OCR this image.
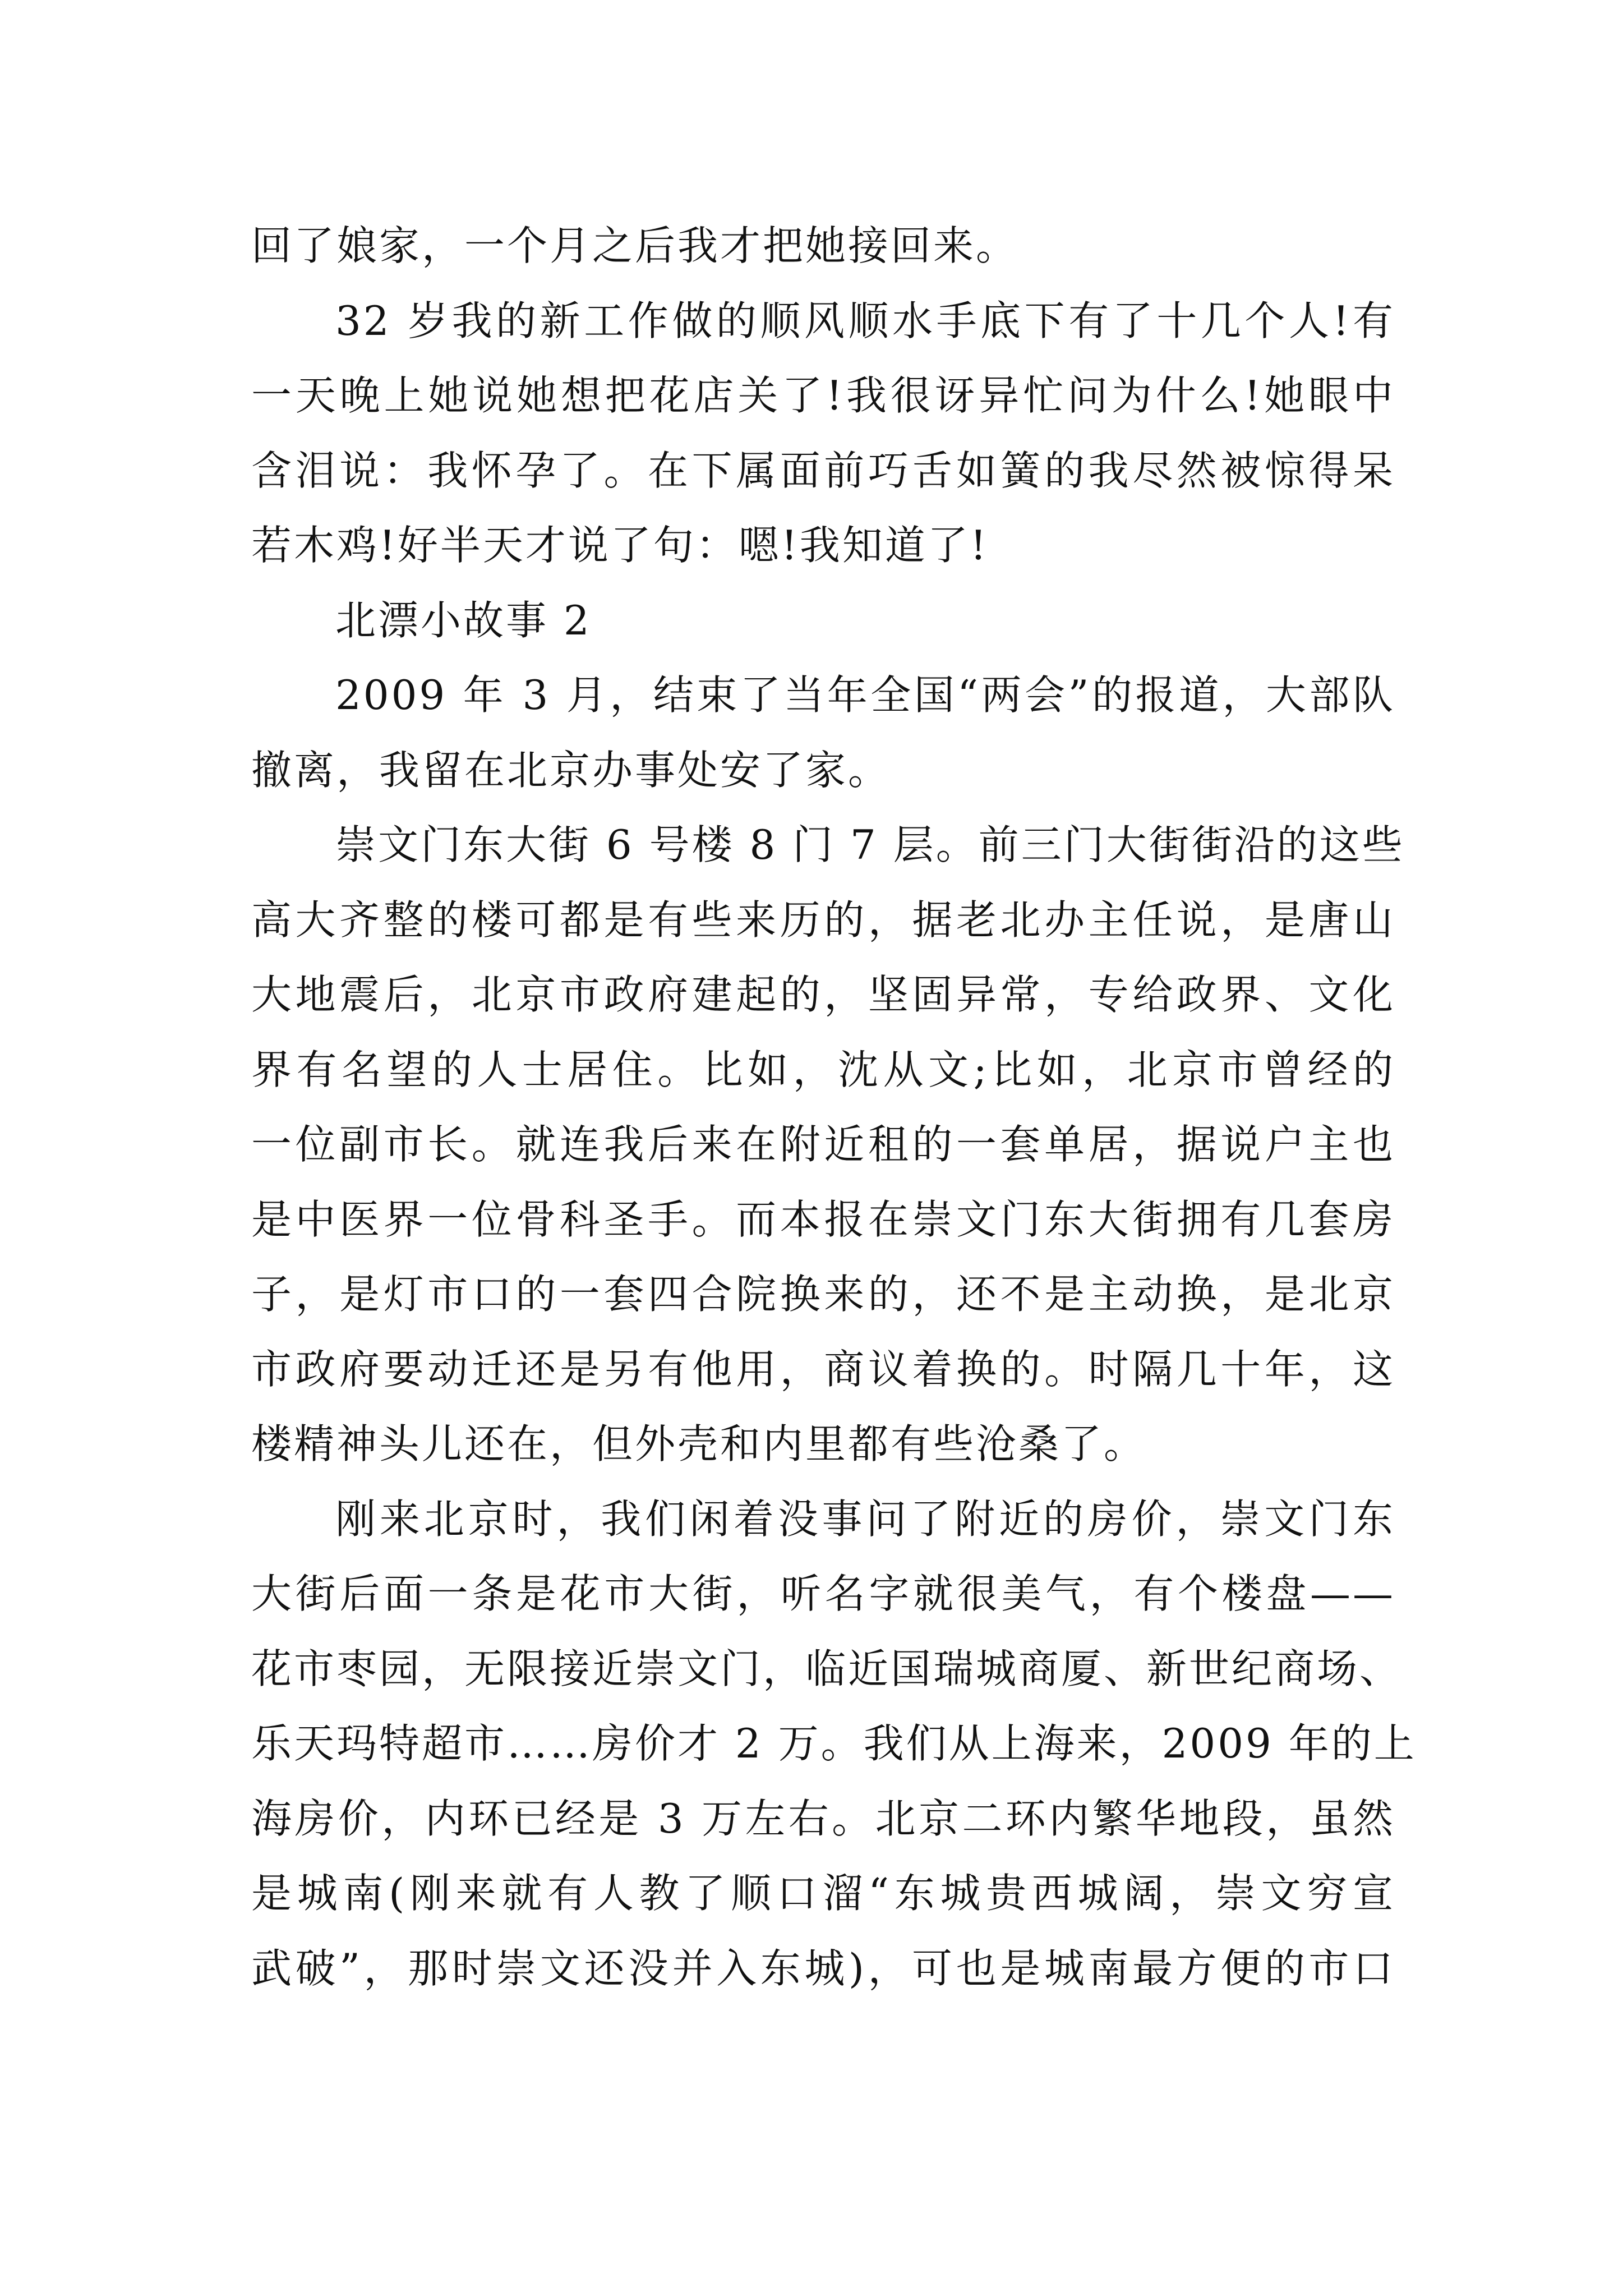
回了娘家，一个月之后我才把她接回来。
32 岁我的新工作做的顺风顺水手底下有了十几个人!有
一天晚上她说她想把花店关了!我很讶异忙问为什么!她眼中
含泪说：我怀孕了。在下属面前巧舌如簧的我尽然被惊得呆
若木鸡!好半天才说了句：嗯!我知道了!
北漂小故事 2
2009 年 3 月，结束了当年全国“两会”的报道，大部队
撤离，我留在北京办事处安了家。
崇文门东大街 6 号楼 8 门 7 层。前三门大街街沿的这些
高大齐整的楼可都是有些来历的，据老北办主任说，是唐山
大地震后，北京市政府建起的，坚固异常，专给政界、文化
界有名望的人士居住。比如，沈从文;比如，北京市曾经的
一位副市长。就连我后来在附近租的一套单居，据说户主也
是中医界一位骨科圣手。而本报在崇文门东大街拥有几套房
子，是灯市口的一套四合院换来的，还不是主动换，是北京
市政府要动迁还是另有他用，商议着换的。时隔几十年，这
楼精神头儿还在，但外壳和内里都有些沧桑了。
刚来北京时，我们闲着没事问了附近的房价，崇文门东
大街后面一条是花市大街，听名字就很美气，有个楼盘——
花市枣园，无限接近崇文门，临近国瑞城商厦、新世纪商场、
乐天玛特超市……房价才 2 万。我们从上海来，2009 年的上
海房价，内环已经是 3 万左右。北京二环内繁华地段，虽然
是城南(刚来就有人教了顺口溜“东城贵西城阔，崇文穷宣
武破”，那时崇文还没并入东城)，可也是城南最方便的市口
